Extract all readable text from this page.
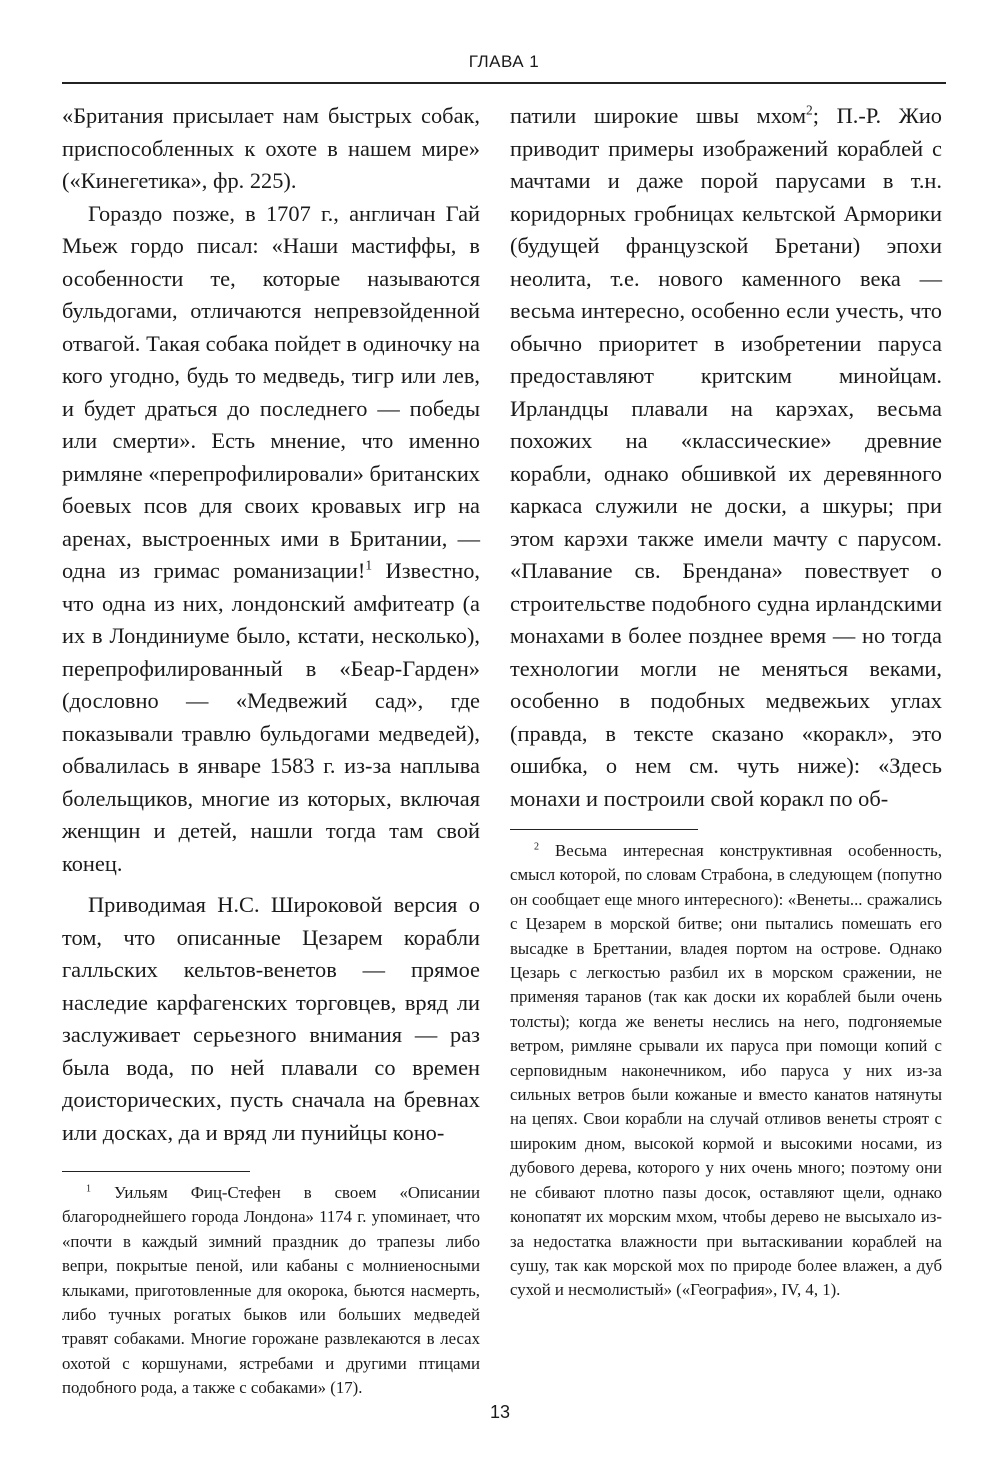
ГЛАВА 1

«Британия присылает нам быстрых собак, приспособленных к охоте в нашем мире» («Кинегетика», фр. 225).

Гораздо позже, в 1707 г., англичан Гай Мьеж гордо писал: «Наши мастиффы, в особенности те, которые называются бульдогами, отличаются непревзойденной отвагой. Такая собака пойдет в одиночку на кого угодно, будь то медведь, тигр или лев, и будет драться до последнего — победы или смерти». Есть мнение, что именно римляне «перепрофилировали» британских боевых псов для своих кровавых игр на аренах, выстроенных ими в Британии, — одна из гримас романизации!$^1$ Известно, что одна из них, лондонский амфитеатр (а их в Лондиниуме было, кстати, несколько), перепрофилированный в «Беар-Гарден» (дословно — «Медвежий сад», где показывали травлю бульдогами медведей), обвалилась в январе 1583 г. из-за наплыва болельщиков, многие из которых, включая женщин и детей, нашли тогда там свой конец.

Приводимая Н.С. Широковой версия о том, что описанные Цезарем корабли галльских кельтов-венетов — прямое наследие карфагенских торговцев, вряд ли заслуживает серьезного внимания — раз была вода, по ней плавали со времен доисторических, пусть сначала на бревнах или досках, да и вряд ли пунийцы коно-

$^1$ Уильям Фиц-Стефен в своем «Описании благороднейшего города Лондона» 1174 г. упоминает, что «почти в каждый зимний праздник до трапезы либо вепри, покрытые пеной, или кабаны с молниеносными клыками, приготовленные для окорока, бьются насмерть, либо тучных рогатых быков или больших медведей травят собаками. Многие горожане развлекаются в лесах охотой с коршунами, ястребами и другими птицами подобного рода, а также с собаками» (17).

патили широкие швы мхом$^2$; П.-Р. Жио приводит примеры изображений кораблей с мачтами и даже порой парусами в т.н. коридорных гробницах кельтской Арморики (будущей французской Бретани) эпохи неолита, т.е. нового каменного века — весьма интересно, особенно если учесть, что обычно приоритет в изобретении паруса предоставляют критским минойцам. Ирландцы плавали на карэхах, весьма похожих на «классические» древние корабли, однако обшивкой их деревянного каркаса служили не доски, а шкуры; при этом карэхи также имели мачту с парусом. «Плавание св. Брендана» повествует о строительстве подобного судна ирландскими монахами в более позднее время — но тогда технологии могли не меняться веками, особенно в подобных медвежьих углах (правда, в тексте сказано «коракл», это ошибка, о нем см. чуть ниже): «Здесь монахи и построили свой коракл по об-

$^2$ Весьма интересная конструктивная особенность, смысл которой, по словам Страбона, в следующем (попутно он сообщает еще много интересного): «Венеты... сражались с Цезарем в морской битве; они пытались помешать его высадке в Бреттании, владея портом на острове. Однако Цезарь с легкостью разбил их в морском сражении, не применяя таранов (так как доски их кораблей были очень толсты); когда же венеты неслись на него, подгоняемые ветром, римляне срывали их паруса при помощи копий с серповидным наконечником, ибо паруса у них из-за сильных ветров были кожаные и вместо канатов натянуты на цепях. Свои корабли на случай отливов венеты строят с широким дном, высокой кормой и высокими носами, из дубового дерева, которого у них очень много; поэтому они не сбивают плотно пазы досок, оставляют щели, однако конопатят их морским мхом, чтобы дерево не высыхало из-за недостатка влажности при вытаскивании кораблей на сушу, так как морской мох по природе более влажен, а дуб сухой и несмолистый» («География», IV, 4, 1).

13
